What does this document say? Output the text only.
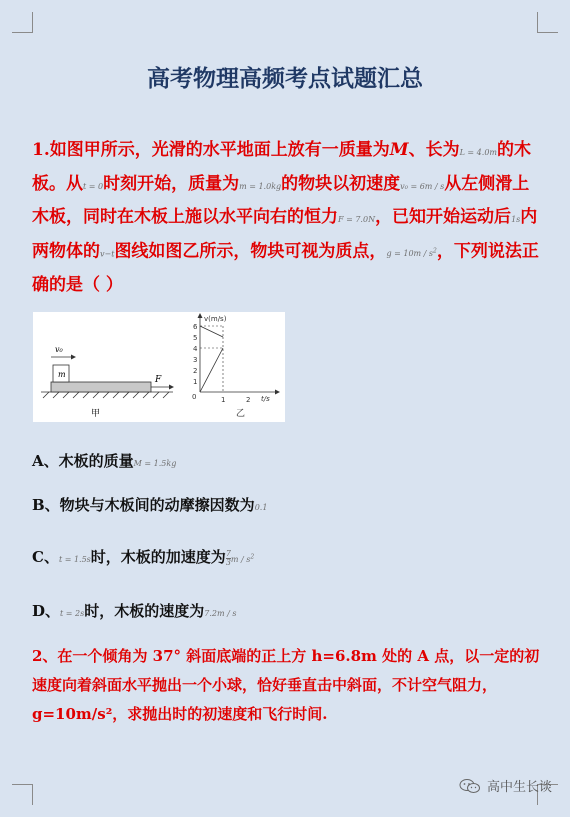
高考物理高频考点试题汇总
1.如图甲所示，光滑的水平地面上放有一质量为M、长为L = 4.0m的木板。从t = 0时刻开始，质量为m = 1.0kg的物块以初速度v₀ = 6m / s从左侧滑上木板，同时在木板上施以水平向右的恒力F = 7.0N，已知开始运动后1s内两物体的v−t图线如图乙所示，物块可视为质点，$g = 10m / s^2$，下列说法正确的是（ ）
m
v₀
F
甲
v(m/s)
t/s
6
5
4
3
2
1
0	1	2
乙
A、木板的质量M = 1.5kg
B、物块与木板间的动摩擦因数为0.1
C、t = 1.5s时，木板的加速度为 $\frac{7}{3}$ m / $s^2$
D、t = 2s时，木板的速度为7.2m / s
2、在一个倾角为 37° 斜面底端的正上方 h=6.8m 处的 A 点，以一定的初速度向着斜面水平抛出一个小球，恰好垂直击中斜面，不计空气阻力，g=10m/s²，求抛出时的初速度和飞行时间.
高中生长谈
